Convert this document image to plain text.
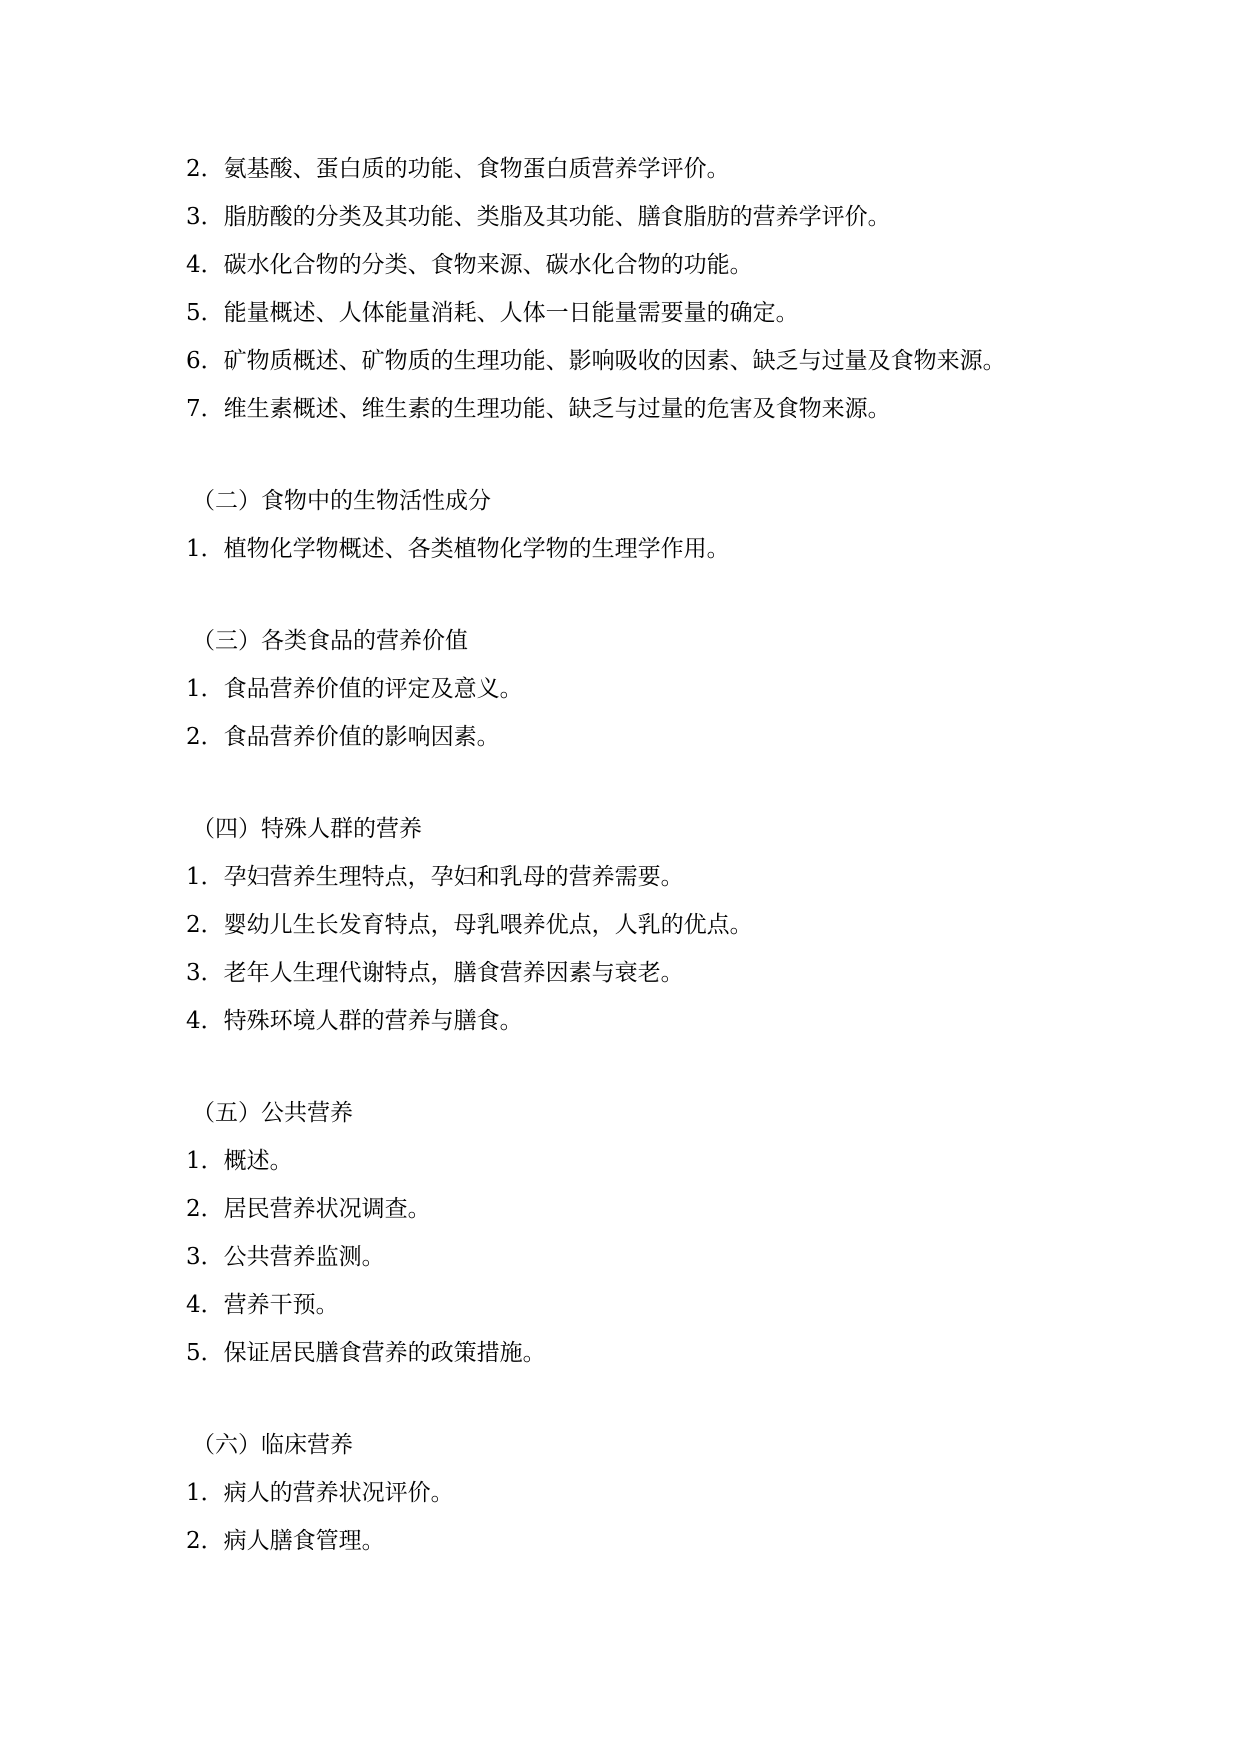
2．氨基酸、蛋白质的功能、食物蛋白质营养学评价。
3．脂肪酸的分类及其功能、类脂及其功能、膳食脂肪的营养学评价。
4．碳水化合物的分类、食物来源、碳水化合物的功能。
5．能量概述、人体能量消耗、人体一日能量需要量的确定。
6．矿物质概述、矿物质的生理功能、影响吸收的因素、缺乏与过量及食物来源。
7．维生素概述、维生素的生理功能、缺乏与过量的危害及食物来源。
（二）食物中的生物活性成分
1．植物化学物概述、各类植物化学物的生理学作用。
（三）各类食品的营养价值
1．食品营养价值的评定及意义。
2．食品营养价值的影响因素。
（四）特殊人群的营养
1．孕妇营养生理特点，孕妇和乳母的营养需要。
2．婴幼儿生长发育特点，母乳喂养优点，人乳的优点。
3．老年人生理代谢特点，膳食营养因素与衰老。
4．特殊环境人群的营养与膳食。
（五）公共营养
1．概述。
2．居民营养状况调查。
3．公共营养监测。
4．营养干预。
5．保证居民膳食营养的政策措施。
（六）临床营养
1．病人的营养状况评价。
2．病人膳食管理。
